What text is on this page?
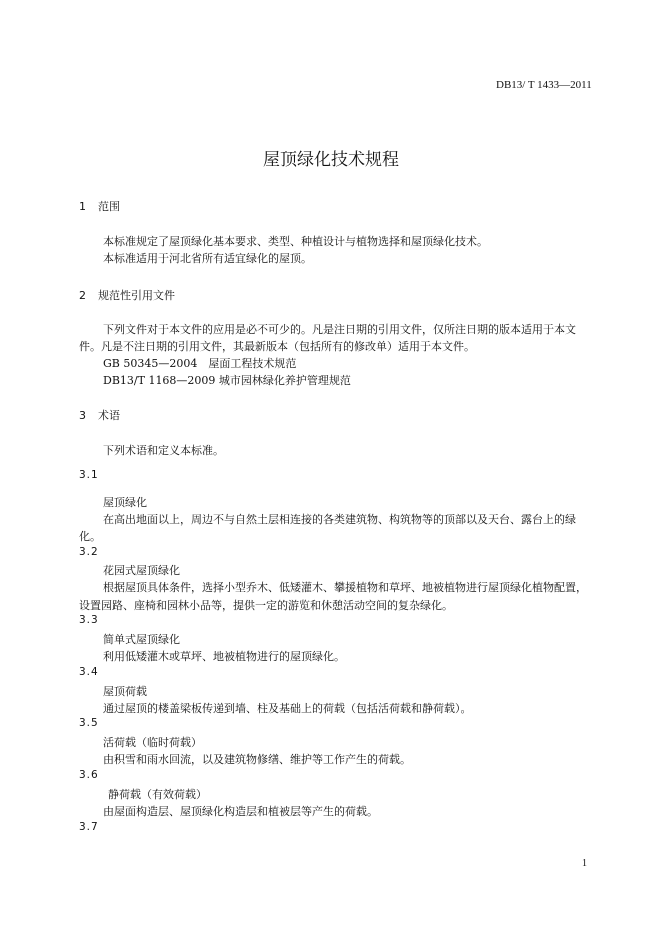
DB13/ T 1433—2011
屋顶绿化技术规程
1 范围
本标准规定了屋顶绿化基本要求、类型、种植设计与植物选择和屋顶绿化技术。
本标准适用于河北省所有适宜绿化的屋顶。
2 规范性引用文件
下列文件对于本文件的应用是必不可少的。凡是注日期的引用文件，仅所注日期的版本适用于本文
件。凡是不注日期的引用文件，其最新版本（包括所有的修改单）适用于本文件。
GB 50345—2004　屋面工程技术规范
DB13/T 1168—2009 城市园林绿化养护管理规范
3 术语
下列术语和定义本标准。
3.1
屋顶绿化
在高出地面以上，周边不与自然土层相连接的各类建筑物、构筑物等的顶部以及天台、露台上的绿
化。
3.2
花园式屋顶绿化
根据屋顶具体条件，选择小型乔木、低矮灌木、攀援植物和草坪、地被植物进行屋顶绿化植物配置，
设置园路、座椅和园林小品等，提供一定的游览和休憩活动空间的复杂绿化。
3.3
简单式屋顶绿化
利用低矮灌木或草坪、地被植物进行的屋顶绿化。
3.4
屋顶荷载
通过屋顶的楼盖梁板传递到墙、柱及基础上的荷载（包括活荷载和静荷载）。
3.5
活荷载（临时荷载）
由积雪和雨水回流，以及建筑物修缮、维护等工作产生的荷载。
3.6
静荷载（有效荷载）
由屋面构造层、屋顶绿化构造层和植被层等产生的荷载。
3.7
1
